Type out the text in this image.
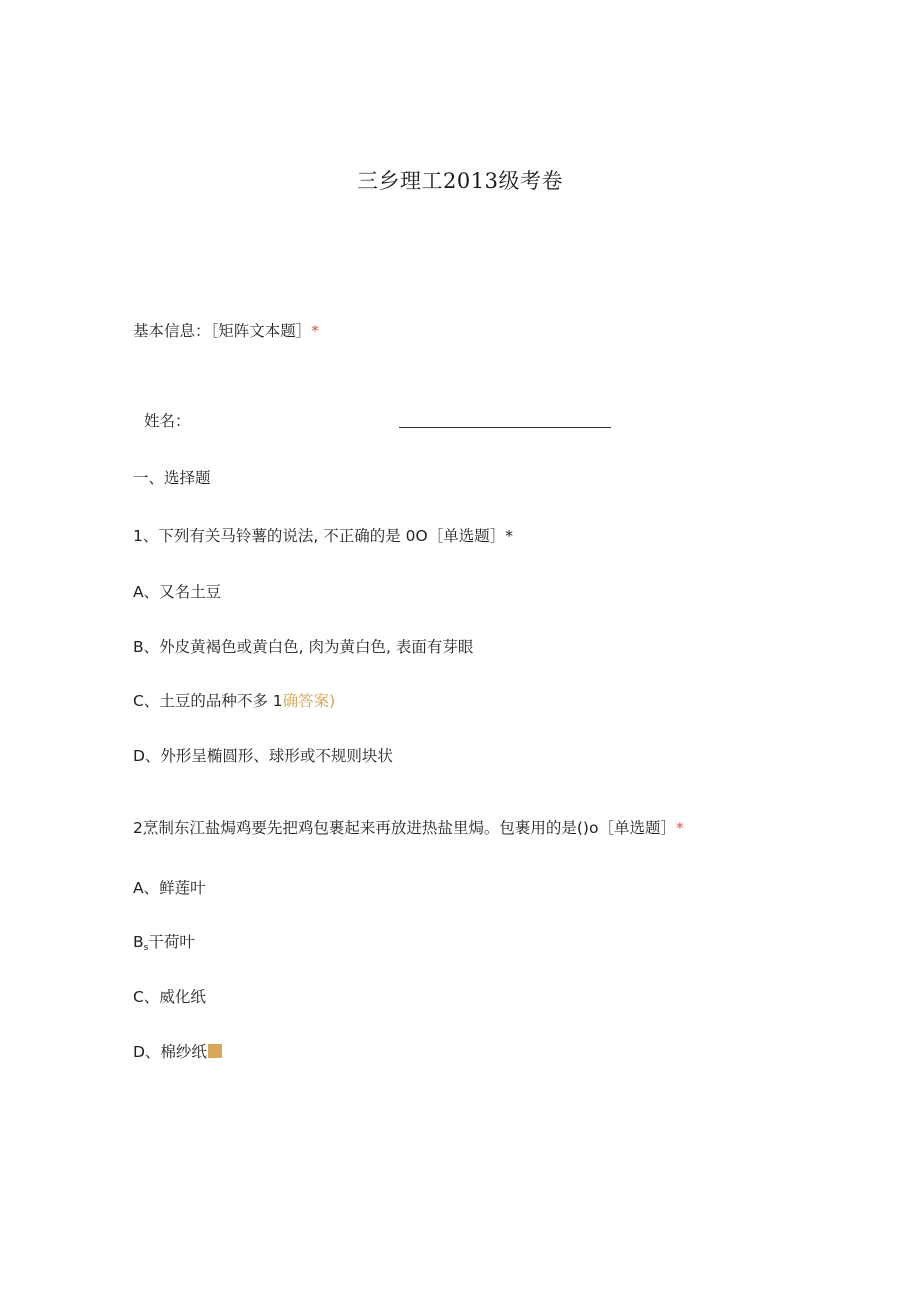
三乡理工2013级考卷
基本信息：［矩阵文本题］*
姓名：
一、选择题
1、下列有关马铃薯的说法, 不正确的是 0O［单选题］*
A、又名土豆
B、外皮黄褐色或黄白色, 肉为黄白色, 表面有芽眼
C、土豆的品种不多 1确答案)
D、外形呈椭圆形、球形或不规则块状
2烹制东江盐焗鸡要先把鸡包裹起来再放进热盐里焗。包裹用的是()o［单选题］*
A、鲜莲叶
$B_s$干荷叶
C、威化纸
D、棉纱纸
